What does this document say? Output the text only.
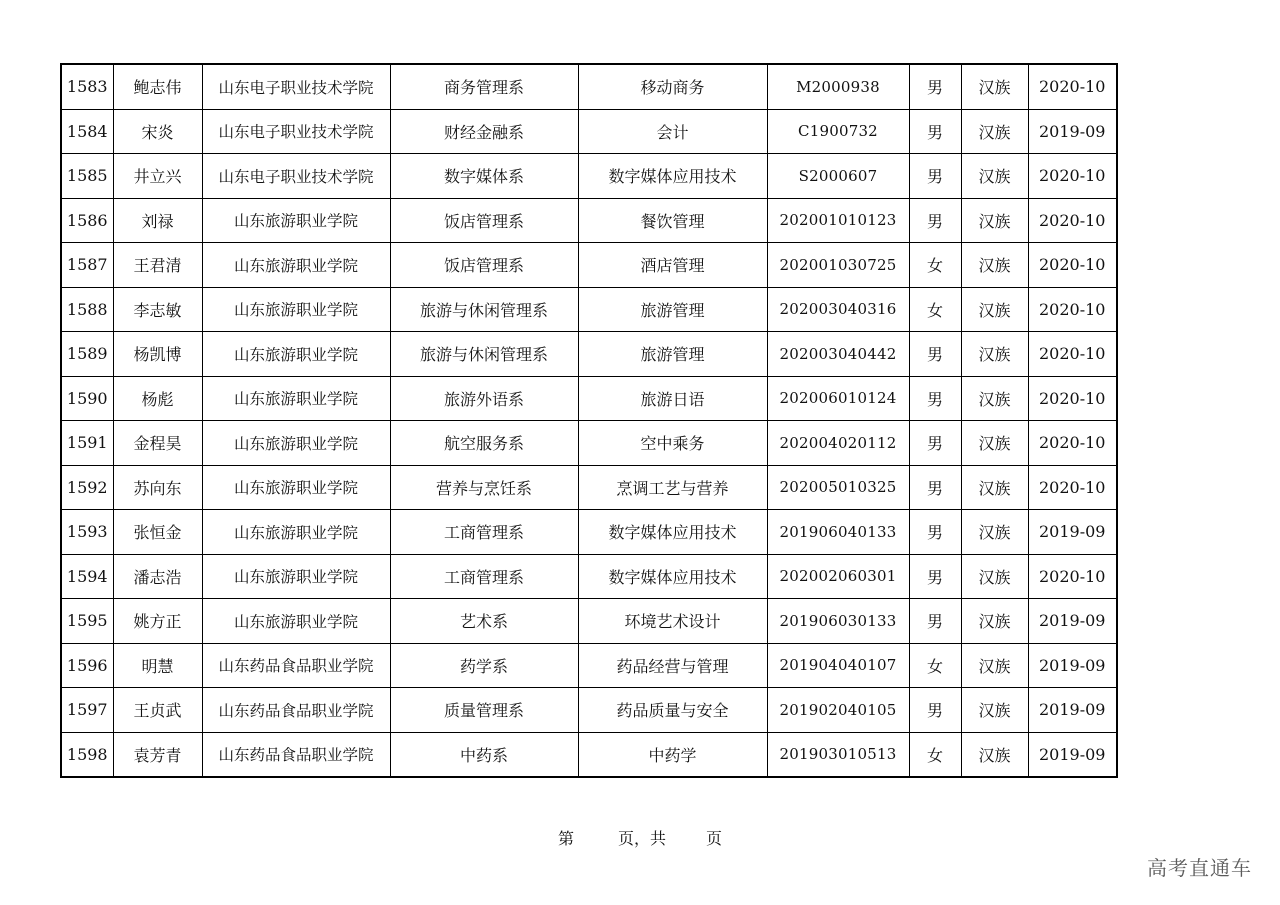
1583	鲍志伟	山东电子职业技术学院	商务管理系	移动商务	M2000938	男	汉族	2020-10
1584	宋炎	山东电子职业技术学院	财经金融系	会计	C1900732	男	汉族	2019-09
1585	井立兴	山东电子职业技术学院	数字媒体系	数字媒体应用技术	S2000607	男	汉族	2020-10
1586	刘禄	山东旅游职业学院	饭店管理系	餐饮管理	202001010123	男	汉族	2020-10
1587	王君清	山东旅游职业学院	饭店管理系	酒店管理	202001030725	女	汉族	2020-10
1588	李志敏	山东旅游职业学院	旅游与休闲管理系	旅游管理	202003040316	女	汉族	2020-10
1589	杨凯博	山东旅游职业学院	旅游与休闲管理系	旅游管理	202003040442	男	汉族	2020-10
1590	杨彪	山东旅游职业学院	旅游外语系	旅游日语	202006010124	男	汉族	2020-10
1591	金程昊	山东旅游职业学院	航空服务系	空中乘务	202004020112	男	汉族	2020-10
1592	苏向东	山东旅游职业学院	营养与烹饪系	烹调工艺与营养	202005010325	男	汉族	2020-10
1593	张恒金	山东旅游职业学院	工商管理系	数字媒体应用技术	201906040133	男	汉族	2019-09
1594	潘志浩	山东旅游职业学院	工商管理系	数字媒体应用技术	202002060301	男	汉族	2020-10
1595	姚方正	山东旅游职业学院	艺术系	环境艺术设计	201906030133	男	汉族	2019-09
1596	明慧	山东药品食品职业学院	药学系	药品经营与管理	201904040107	女	汉族	2019-09
1597	王贞武	山东药品食品职业学院	质量管理系	药品质量与安全	201902040105	男	汉族	2019-09
1598	袁芳青	山东药品食品职业学院	中药系	中药学	201903010513	女	汉族	2019-09
第	页，共	页
高考直通车
